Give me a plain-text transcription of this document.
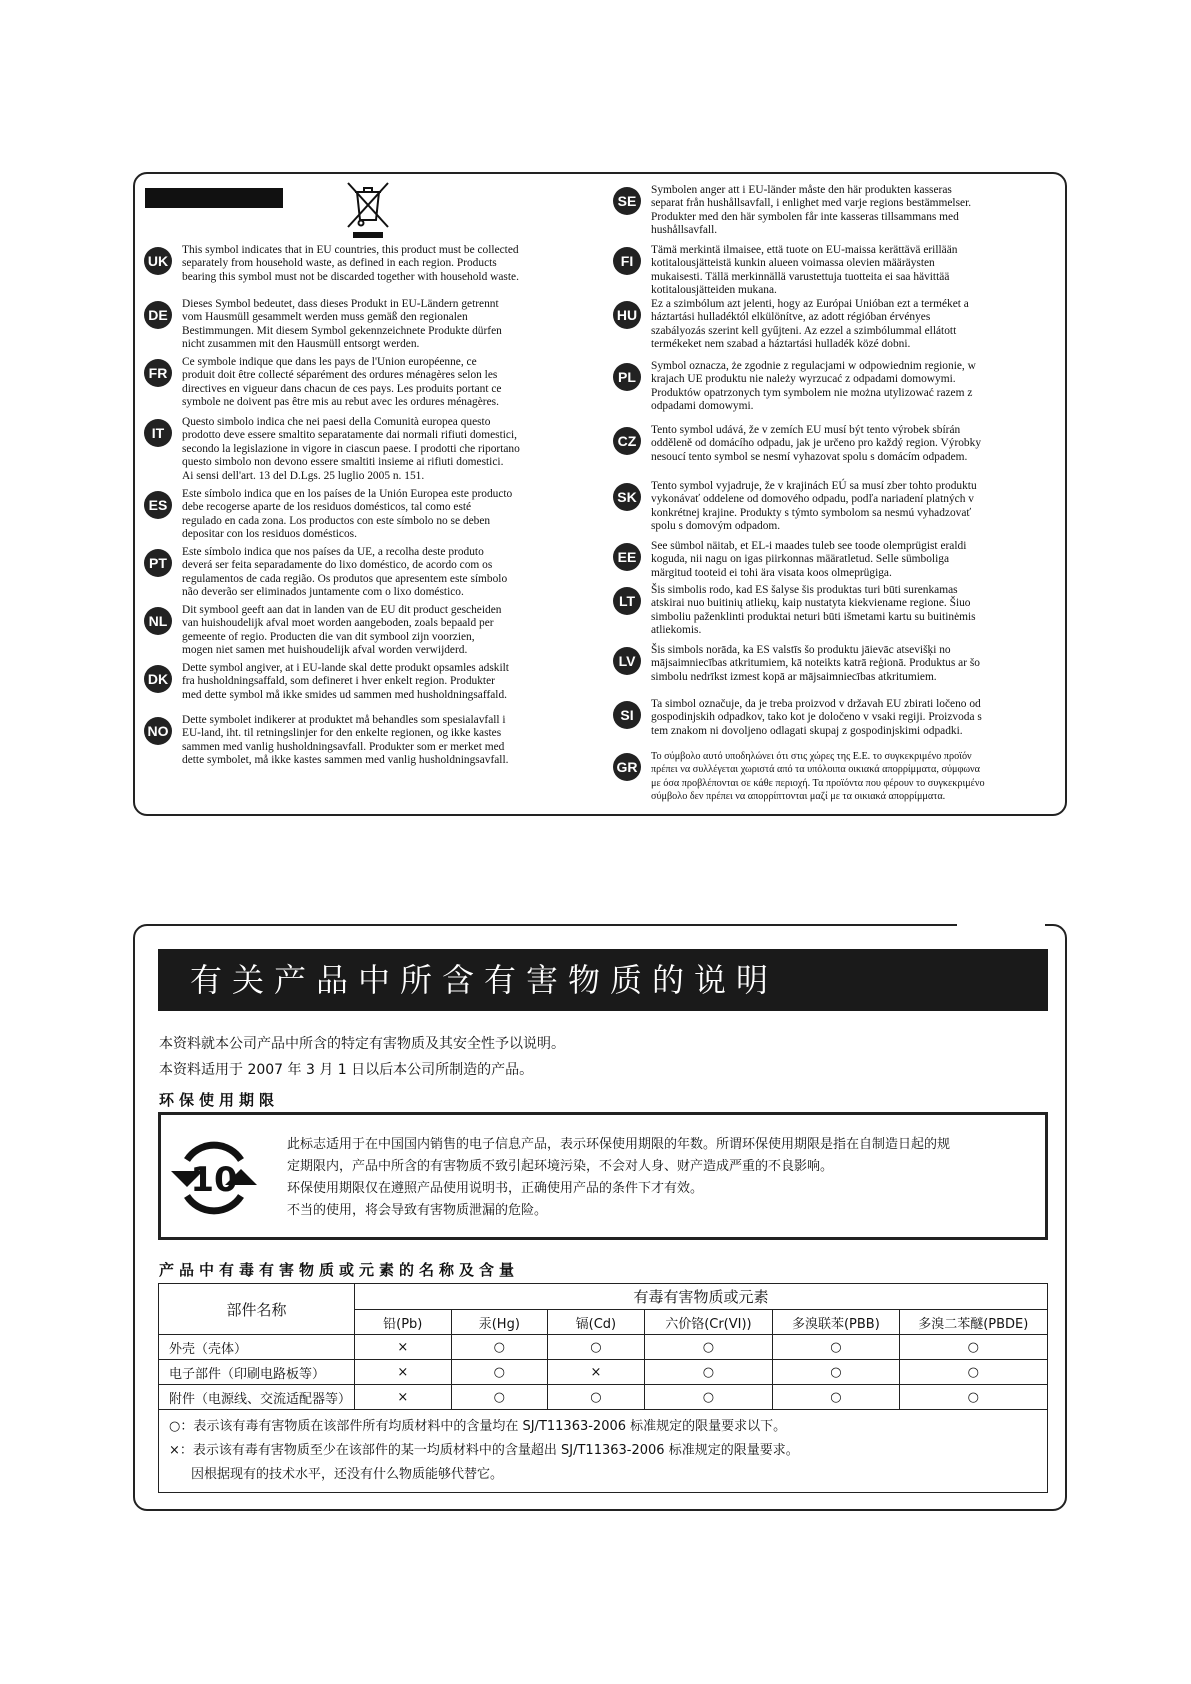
UK
This symbol indicates that in EU countries, this product must be collected
separately from household waste, as defined in each region. Products
bearing this symbol must not be discarded together with household waste.
DE
Dieses Symbol bedeutet, dass dieses Produkt in EU-Ländern getrennt
vom Hausmüll gesammelt werden muss gemäß den regionalen
Bestimmungen. Mit diesem Symbol gekennzeichnete Produkte dürfen
nicht zusammen mit den Hausmüll entsorgt werden.
FR
Ce symbole indique que dans les pays de l'Union européenne, ce
produit doit être collecté séparément des ordures ménagères selon les
directives en vigueur dans chacun de ces pays. Les produits portant ce
symbole ne doivent pas être mis au rebut avec les ordures ménagères.
IT
Questo simbolo indica che nei paesi della Comunità europea questo
prodotto deve essere smaltito separatamente dai normali rifiuti domestici,
secondo la legislazione in vigore in ciascun paese. I prodotti che riportano
questo simbolo non devono essere smaltiti insieme ai rifiuti domestici.
Ai sensi dell'art. 13 del D.Lgs. 25 luglio 2005 n. 151.
ES
Este símbolo indica que en los países de la Unión Europea este producto
debe recogerse aparte de los residuos domésticos, tal como esté
regulado en cada zona. Los productos con este símbolo no se deben
depositar con los residuos domésticos.
PT
Este símbolo indica que nos países da UE, a recolha deste produto
deverá ser feita separadamente do lixo doméstico, de acordo com os
regulamentos de cada região. Os produtos que apresentem este símbolo
não deverão ser eliminados juntamente com o lixo doméstico.
NL
Dit symbool geeft aan dat in landen van de EU dit product gescheiden
van huishoudelijk afval moet worden aangeboden, zoals bepaald per
gemeente of regio. Producten die van dit symbool zijn voorzien,
mogen niet samen met huishoudelijk afval worden verwijderd.
DK
Dette symbol angiver, at i EU-lande skal dette produkt opsamles adskilt
fra husholdningsaffald, som defineret i hver enkelt region. Produkter
med dette symbol må ikke smides ud sammen med husholdningsaffald.
NO
Dette symbolet indikerer at produktet må behandles som spesialavfall i
EU-land, iht. til retningslinjer for den enkelte regionen, og ikke kastes
sammen med vanlig husholdningsavfall. Produkter som er merket med
dette symbolet, må ikke kastes sammen med vanlig husholdningsavfall.
SE
Symbolen anger att i EU-länder måste den här produkten kasseras
separat från hushållsavfall, i enlighet med varje regions bestämmelser.
Produkter med den här symbolen får inte kasseras tillsammans med
hushållsavfall.
FI
Tämä merkintä ilmaisee, että tuote on EU-maissa kerättävä erillään
kotitalousjätteistä kunkin alueen voimassa olevien määräysten
mukaisesti. Tällä merkinnällä varustettuja tuotteita ei saa hävittää
kotitalousjätteiden mukana.
HU
Ez a szimbólum azt jelenti, hogy az Európai Unióban ezt a terméket a
háztartási hulladéktól elkülönítve, az adott régióban érvényes
szabályozás szerint kell gyűjteni. Az ezzel a szimbólummal ellátott
termékeket nem szabad a háztartási hulladék közé dobni.
PL
Symbol oznacza, że zgodnie z regulacjami w odpowiednim regionie, w
krajach UE produktu nie należy wyrzucać z odpadami domowymi.
Produktów opatrzonych tym symbolem nie można utylizować razem z
odpadami domowymi.
CZ
Tento symbol udává, že v zemích EU musí být tento výrobek sbírán
odděleně od domácího odpadu, jak je určeno pro každý region. Výrobky
nesoucí tento symbol se nesmí vyhazovat spolu s domácím odpadem.
SK
Tento symbol vyjadruje, že v krajinách EÚ sa musí zber tohto produktu
vykonávať oddelene od domového odpadu, podľa nariadení platných v
konkrétnej krajine. Produkty s týmto symbolom sa nesmú vyhadzovať
spolu s domovým odpadom.
EE
See sümbol näitab, et EL-i maades tuleb see toode olemprügist eraldi
koguda, nii nagu on igas piirkonnas määratletud. Selle sümboliga
märgitud tooteid ei tohi ära visata koos olmeprügiga.
LT
Šis simbolis rodo, kad ES šalyse šis produktas turi būti surenkamas
atskirai nuo buitinių atliekų, kaip nustatyta kiekviename regione. Šiuo
simboliu paženklinti produktai neturi būti išmetami kartu su buitinėmis
atliekomis.
LV
Šis simbols norāda, ka ES valstīs šo produktu jāievāc atsevišķi no
mājsaimniecības atkritumiem, kā noteikts katrā reģionā. Produktus ar šo
simbolu nedrīkst izmest kopā ar mājsaimniecības atkritumiem.
SI
Ta simbol označuje, da je treba proizvod v državah EU zbirati ločeno od
gospodinjskih odpadkov, tako kot je določeno v vsaki regiji. Proizvoda s
tem znakom ni dovoljeno odlagati skupaj z gospodinjskimi odpadki.
GR
Το σύμβολο αυτό υποδηλώνει ότι στις χώρες της Ε.Ε. το συγκεκριμένο προϊόν
πρέπει να συλλέγεται χωριστά από τα υπόλοιπα οικιακά απορρίμματα, σύμφωνα
με όσα προβλέπονται σε κάθε περιοχή. Τα προϊόντα που φέρουν το συγκεκριμένο
σύμβολο δεν πρέπει να απορρίπτονται μαζί με τα οικιακά απορρίμματα.
有关产品中所含有害物质的说明
本资料就本公司产品中所含的特定有害物质及其安全性予以说明。
本资料适用于 2007 年 3 月 1 日以后本公司所制造的产品。
环保使用期限
10
此标志适用于在中国国内销售的电子信息产品，表示环保使用期限的年数。所谓环保使用期限是指在自制造日起的规
定期限内，产品中所含的有害物质不致引起环境污染，不会对人身、财产造成严重的不良影响。
环保使用期限仅在遵照产品使用说明书，正确使用产品的条件下才有效。
不当的使用，将会导致有害物质泄漏的危险。
产品中有毒有害物质或元素的名称及含量
部件名称	有毒有害物质或元素					
	铅(Pb)	汞(Hg)	镉(Cd)	六价铬(Cr(VI))	多溴联苯(PBB)	多溴二苯醚(PBDE)
外壳（壳体）	×	○	○	○	○	○
电子部件（印刷电路板等）	×	○	×	○	○	○
附件（电源线、交流适配器等）	×	○	○	○	○	○

○：表示该有毒有害物质在该部件所有均质材料中的含量均在 SJ/T11363-2006 标准规定的限量要求以下。
×：表示该有毒有害物质至少在该部件的某一均质材料中的含量超出 SJ/T11363-2006 标准规定的限量要求。
因根据现有的技术水平，还没有什么物质能够代替它。						
